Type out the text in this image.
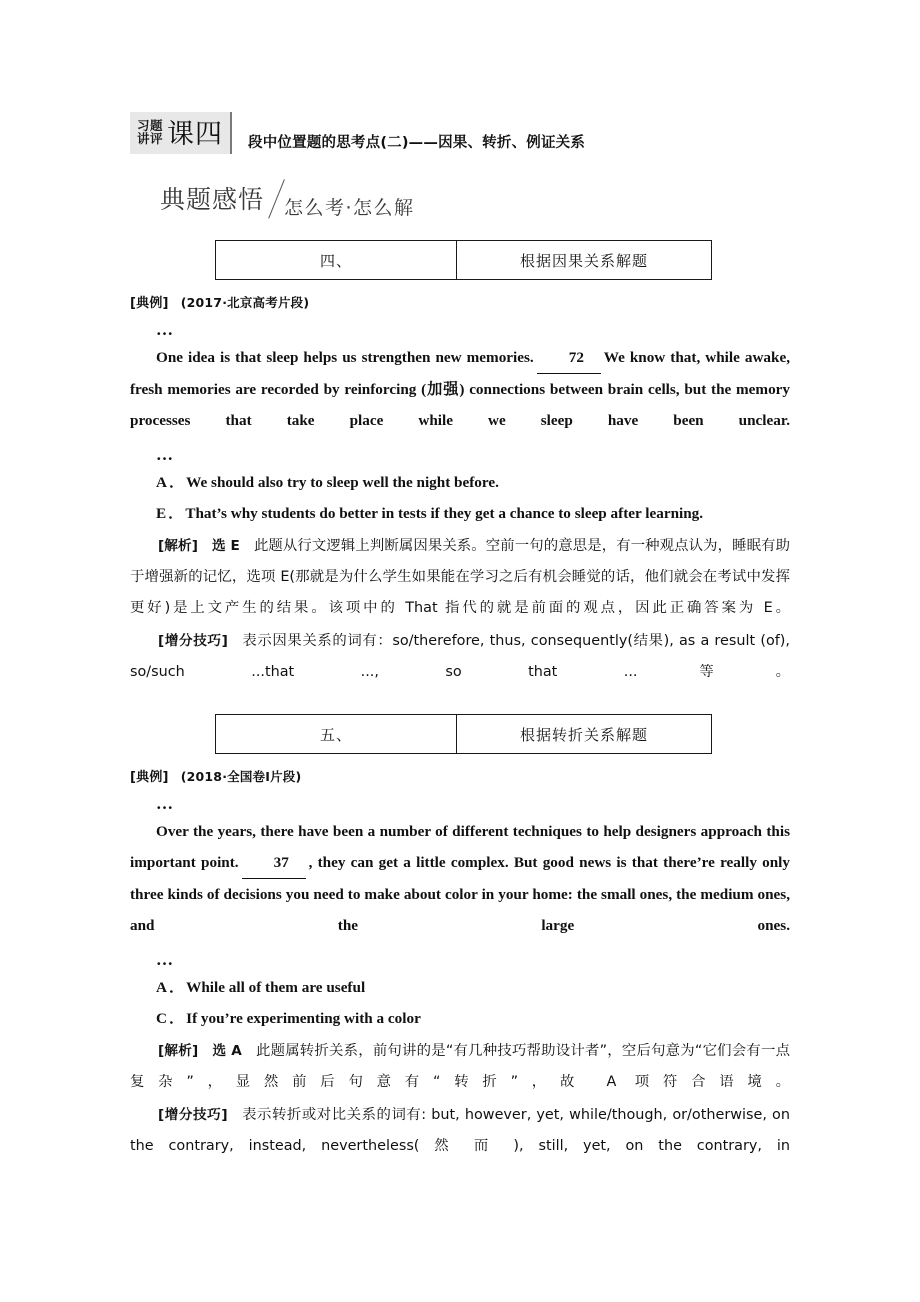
习题
讲评 课四 段中位置题的思考点(二)——因果、转折、例证关系
典题感悟 怎么考·怎么解
四、	根据因果关系解题
[典例] (2017·北京高考片段)
…
One idea is that sleep helps us strengthen new memories. 72 We know that, while awake, fresh memories are recorded by reinforcing (加强) connections between brain cells, but the memory processes that take place while we sleep have been unclear.
…
A．We should also try to sleep well the night before.
E．That’s why students do better in tests if they get a chance to sleep after learning.
[解析] 选 E 此题从行文逻辑上判断属因果关系。空前一句的意思是，有一种观点认为，睡眠有助于增强新的记忆，选项 E(那就是为什么学生如果能在学习之后有机会睡觉的话，他们就会在考试中发挥更好)是上文产生的结果。该项中的 That 指代的就是前面的观点，因此正确答案为 E。
[增分技巧] 表示因果关系的词有：so/therefore, thus, consequently(结果), as a result (of), so/such ...that ..., so that ...等。
五、	根据转折关系解题
[典例] (2018·全国卷Ⅰ片段)
…
Over the years, there have been a number of different techniques to help designers approach this important point. 37 , they can get a little complex. But good news is that there’re really only three kinds of decisions you need to make about color in your home: the small ones, the medium ones, and the large ones.
…
A．While all of them are useful
C．If you’re experimenting with a color
[解析] 选 A 此题属转折关系，前句讲的是“有几种技巧帮助设计者”，空后句意为“它们会有一点复杂”，显然前后句意有“转折”，故 A 项符合语境。
[增分技巧] 表示转折或对比关系的词有: but, however, yet, while/though, or/otherwise, on the contrary, instead, nevertheless( 然 而 ), still, yet, on the contrary, in
